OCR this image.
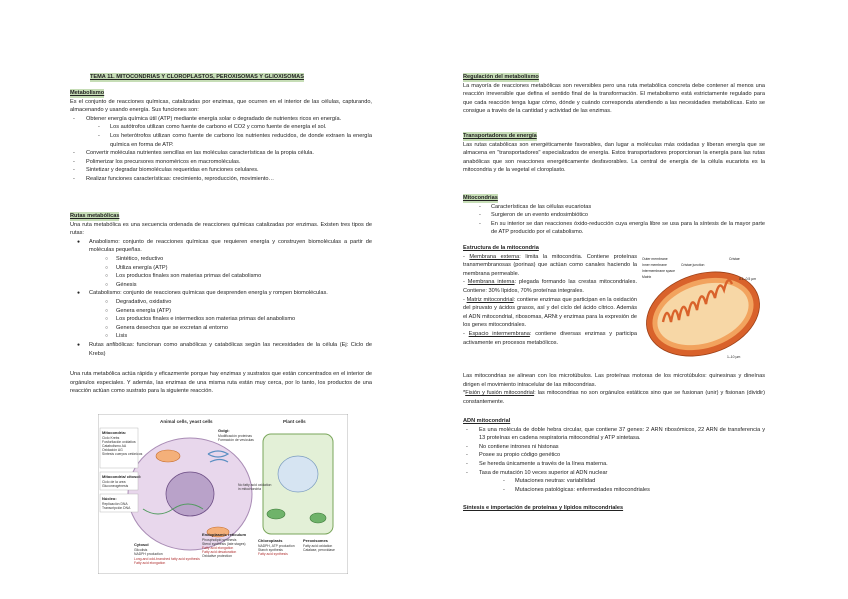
TEMA 11. MITOCONDRIAS Y CLOROPLASTOS, PEROXISOMAS Y GLIOXISOMAS
Metabolismo

Es el conjunto de reacciones químicas, catalizadas por enzimas, que ocurren en el interior de las células, capturando, almacenando y usando energía. Sus funciones son:

- Obtener energía química útil (ATP) mediante energía solar o degradado de nutrientes ricos en energía.
- Los autótrofos utilizan como fuente de carbono el CO2 y como fuente de energía el sol.
- Los heterótrofos utilizan como fuente de carbono los nutrientes reducidos, de donde extraen la energía química en forma de ATP.
- Convertir moléculas nutrientes sencillas en las moléculas características de la propia célula.
- Polimerizar los precursores monoméricos en macromoléculas.
- Sintetizar y degradar biomoléculas requeridas en funciones celulares.
- Realizar funciones características: crecimiento, reproducción, movimiento…
Rutas metabólicas

Una ruta metabólica es una secuencia ordenada de reacciones químicas catalizadas por enzimas. Existen tres tipos de rutas:

● Anabolismo: conjunto de reacciones químicas que requieren energía y construyen biomoléculas a partir de moléculas pequeñas.
○ Sintético, reductivo
○ Utiliza energía (ATP)
○ Los productos finales son materias primas del catabolismo
○ Génesis
● Catabolismo: conjunto de reacciones químicas que desprenden energía y rompen biomoléculas.
○ Degradativo, oxidativo
○ Genera energía (ATP)
○ Los productos finales e intermedios son materias primas del anabolismo
○ Genera desechos que se excretan al entorno
○ Lisis
● Rutas anfibólicas: funcionan como anabólicas y catabólicas según las necesidades de la célula (Ej: Ciclo de Krebs)

Una ruta metabólica actúa rápida y eficazmente porque hay enzimas y sustratos que están concentrados en el interior de orgánulos especiales. Y además, las enzimas de una misma ruta están muy cerca, por lo tanto, los productos de una reacción actúan como sustrato para la siguiente reacción.

Animal cells, yeast cells	Plant cells
Mitocondria:
Ciclo Krebs
Fosforilación oxidativa
Catabolismo AA
Oxidación AG
Síntesis cuerpos cetónicos
Mitocondria/ citosol:
Ciclo de la urea
Gluconeogénesis
Núcleo:
Replicación DNA
Transcripción DNA
Golgi:
Modificación proteínas
Formación de vesículas
No fatty acid oxidation
in mitochondria
Cytosol
Glicolisis
NADPH production
Long-and odd-branched fatty acid synthesis
Fatty acid elongation
Endoplasmic reticulum
Phospholipid synthesis
Sterol synthesis (late stages)
Fatty acid elongation
Fatty acid desaturation
Oxidative protection
Chloroplasts
NADPH, ATP production
Starch synthesis
Fatty acid synthesis
Peroxisomes
Fatty acid oxidation
Catalase, peroxidase
Regulación del metabolismo

La mayoría de reacciones metabólicas son reversibles pero una ruta metabólica concreta debe contener al menos una reacción irreversible que defina el sentido final de la transformación. El metabolismo está estrictamente regulado para que cada reacción tenga lugar cómo, dónde y cuándo corresponda atendiendo a las necesidades metabólicas. Esto se consigue a través de la cantidad y actividad de las enzimas.

Transportadores de energía

Las rutas catabólicas son energéticamente favorables, dan lugar a moléculas más oxidadas y liberan energía que se almacena en "transportadores" especializados de energía. Estos transportadores proporcionan la energía para las rutas anabólicas que son reacciones energéticamente desfavorables. La central de energía de la célula eucariota es la mitocondria y de la vegetal el cloroplasto.

Mitocondrias
- Características de las células eucariotas
- Surgieron de un evento endosimbiótico
- En su interior se dan reacciones óxido-reducción cuya energía libre se usa para la síntesis de la mayor parte de ATP producido por el catabolismo.
Estructura de la mitocondria

- Membrana externa: limita la mitocondria. Contiene proteínas transmembranosas (porinas) que actúan como canales haciendo la membrana permeable.

- Membrana interna: plegada formando las crestas mitocondriales. Contiene: 30% lípidos, 70% proteínas integrales.

- Matriz mitocondrial: contiene enzimas que participan en la oxidación del piruvato y ácidos grasos, así y del ciclo del ácido cítrico. Además el ADN mitocondrial, ribosomas, ARNt y enzimas para la expresión de los genes mitocondriales.

- Espacio intermembrana: contiene diversas enzimas y participa activamente en procesos metabólicos.

Outer membrane
Inner membrane
Intermembrane space
Matrix
Cristae
Cristae junction
0.1–0.5 µm
1–10 µm

Las mitocondrias se alinean con los microtúbulos. Las proteínas motoras de los microtúbulos: quinesinas y dineínas dirigen el movimiento intracelular de las mitocondrias.

*Fisión y fusión mitocondrial: las mitocondrias no son orgánulos estáticos sino que se fusionan (unir) y fisionan (dividir) constantemente.

ADN mitocondrial
- Es una molécula de doble hebra circular, que contiene 37 genes: 2 ARN ribosómicos, 22 ARN de transferencia y 13 proteínas en cadena respiratoria mitocondrial y ATP sintetasa.
- No contiene intrones ni histonas
- Posee su propio código genético
- Se hereda únicamente a través de la línea materna.
- Tasa de mutación 10 veces superior al ADN nuclear
- Mutaciones neutras: variabilidad
- Mutaciones patológicas: enfermedades mitocondriales
Síntesis e importación de proteínas y lípidos mitocondriales
